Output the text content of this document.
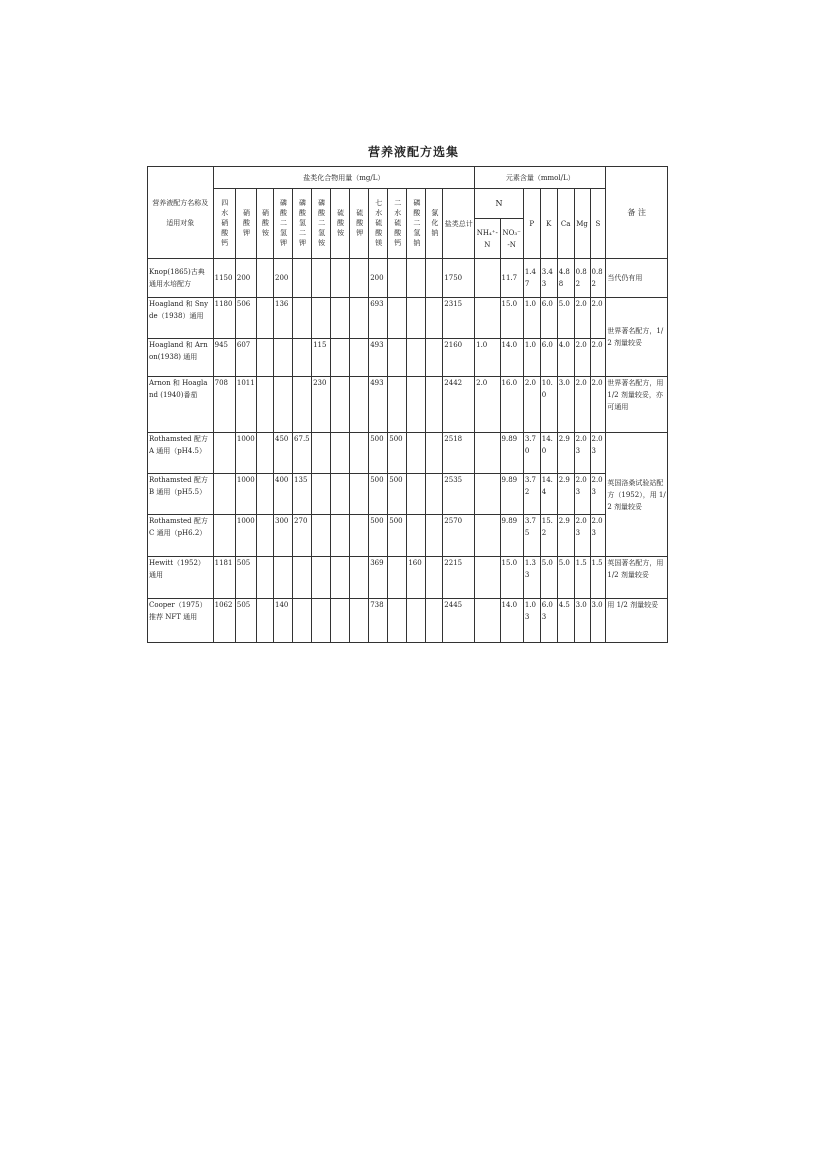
营养液配方选集
营养液配方名称及适用对象	盐类化合物用量（mg/L）													元素含量（mmol/L）							备 注

	四水硝酸钙	硝酸钾	硝酸铵	磷酸二氢钾	磷酸氢二钾	磷酸二氢铵	硫酸铵	硫酸钾	七水硫酸镁	二水硫酸钙	磷酸二氢钠	氯化钠	盐类总计	N		P	K	Ca	Mg	S	
														NH₄⁺-N	NO₃⁻-N						
Knop(1865)古典通用水培配方	1150	200		200					200				1750		11.7	1.47	3.43	4.88	0.82	0.82	当代仍有用
Hoagland 和 Snyde（1938）通用	1180	506		136					693				2315		15.0	1.0	6.0	5.0	2.0	2.0	世界著名配方，1/2 剂量较妥
Hoagland 和 Arnon(1938) 通用	945	607				115			493				2160	1.0	14.0	1.0	6.0	4.0	2.0	2.0	
Arnon 和 Hoagland (1940)番茄	708	1011				230			493				2442	2.0	16.0	2.0	10.0	3.0	2.0	2.0	世界著名配方，用 1/2 剂量较妥，亦可通用
Rothamsted 配方 A 通用（pH4.5）		1000		450	67.5				500	500			2518		9.89	3.70	14.0	2.9	2.03	2.03	英国洛桑试验站配方（1952），用 1/2 剂量较妥
Rothamsted 配方 B 通用（pH5.5）		1000		400	135				500	500			2535		9.89	3.72	14.4	2.9	2.03	2.03	
Rothamsted 配方 C 通用（pH6.2）		1000		300	270				500	500			2570		9.89	3.75	15.2	2.9	2.03	2.03	
Hewitt（1952）通用	1181	505							369		160		2215		15.0	1.33	5.0	5.0	1.5	1.5	英国著名配方，用 1/2 剂量较妥
Cooper（1975）推荐 NFT 通用	1062	505		140					738				2445		14.0	1.03	6.03	4.5	3.0	3.0	用 1/2 剂量较妥
